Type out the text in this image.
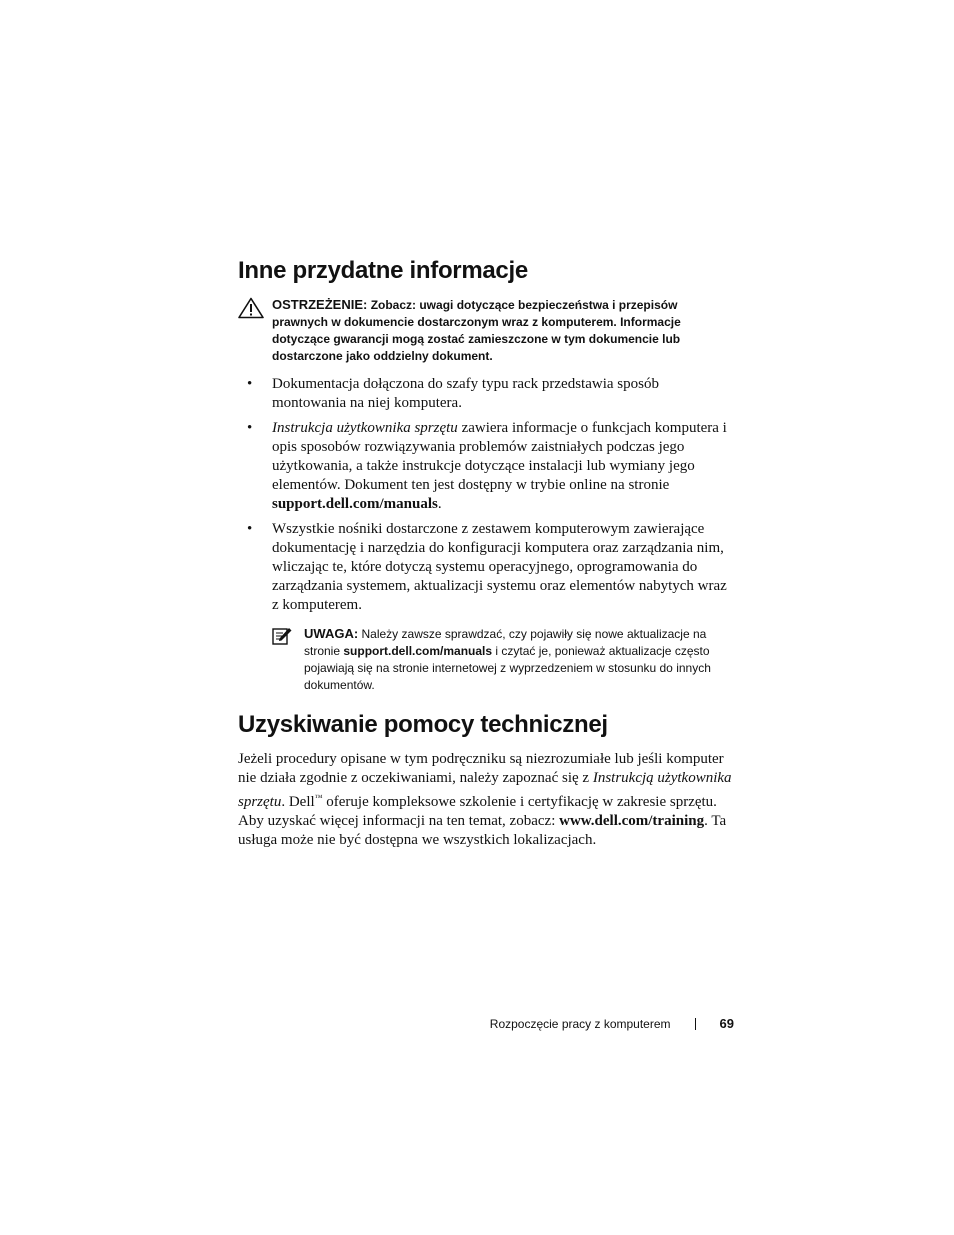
Inne przydatne informacje

OSTRZEŻENIE: Zobacz: uwagi dotyczące bezpieczeństwa i przepisów prawnych w dokumencie dostarczonym wraz z komputerem. Informacje dotyczące gwarancji mogą zostać zamieszczone w tym dokumencie lub dostarczone jako oddzielny dokument.

• Dokumentacja dołączona do szafy typu rack przedstawia sposób montowania na niej komputera.
• Instrukcja użytkownika sprzętu zawiera informacje o funkcjach komputera i opis sposobów rozwiązywania problemów zaistniałych podczas jego użytkowania, a także instrukcje dotyczące instalacji lub wymiany jego elementów. Dokument ten jest dostępny w trybie online na stronie support.dell.com/manuals.
• Wszystkie nośniki dostarczone z zestawem komputerowym zawierające dokumentację i narzędzia do konfiguracji komputera oraz zarządzania nim, wliczając te, które dotyczą systemu operacyjnego, oprogramowania do zarządzania systemem, aktualizacji systemu oraz elementów nabytych wraz z komputerem.

UWAGA: Należy zawsze sprawdzać, czy pojawiły się nowe aktualizacje na stronie support.dell.com/manuals i czytać je, ponieważ aktualizacje często pojawiają się na stronie internetowej z wyprzedzeniem w stosunku do innych dokumentów.

Uzyskiwanie pomocy technicznej

Jeżeli procedury opisane w tym podręczniku są niezrozumiałe lub jeśli komputer nie działa zgodnie z oczekiwaniami, należy zapoznać się z Instrukcją użytkownika sprzętu. Dell™ oferuje kompleksowe szkolenie i certyfikację w zakresie sprzętu. Aby uzyskać więcej informacji na ten temat, zobacz: www.dell.com/training. Ta usługa może nie być dostępna we wszystkich lokalizacjach.

Rozpoczęcie pracy z komputerem	69
